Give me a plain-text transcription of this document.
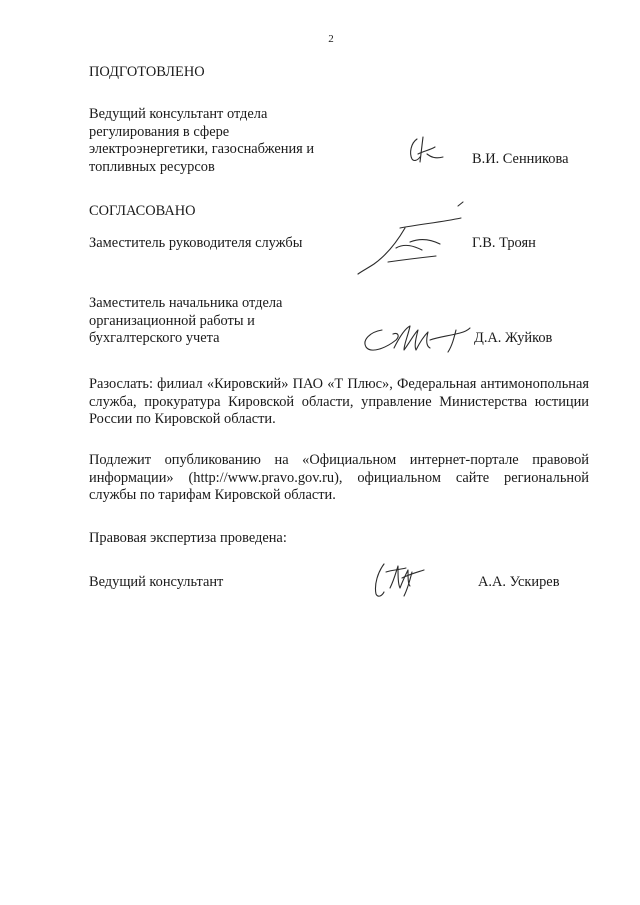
2
ПОДГОТОВЛЕНО
Ведущий консультант отдела
регулирования в сфере
электроэнергетики, газоснабжения и
топливных ресурсов	В.И. Сенникова
СОГЛАСОВАНО
Заместитель руководителя службы	Г.В. Троян
Заместитель начальника отдела
организационной работы и
бухгалтерского учета	Д.А. Жуйков
Разослать: филиал «Кировский» ПАО «Т Плюс», Федеральная антимонопольная служба, прокуратура Кировской области, управление Министерства юстиции России по Кировской области.
Подлежит опубликованию на «Официальном интернет-портале правовой информации» (http://www.pravo.gov.ru), официальном сайте региональной службы по тарифам Кировской области.
Правовая экспертиза проведена:
Ведущий консультант	А.А. Ускирев
